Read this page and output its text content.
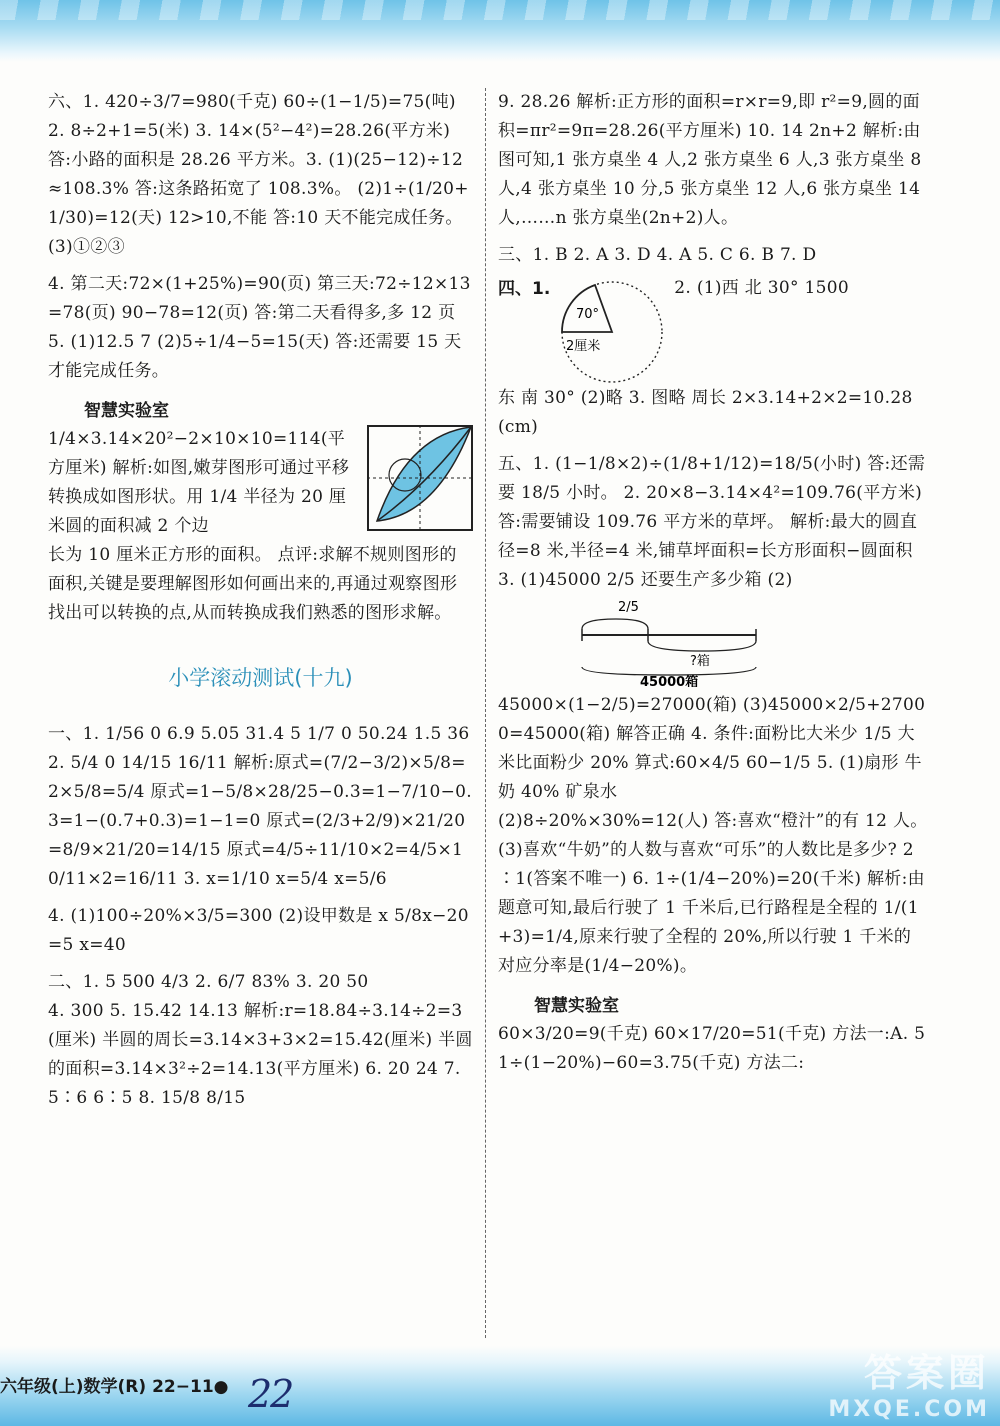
六、1. 420÷3/7=980(千克) 60÷(1−1/5)=75(吨) 2. 8÷2+1=5(米) 3. 14×(5²−4²)=28.26(平方米) 答:小路的面积是 28.26 平方米。3. (1)(25−12)÷12≈108.3% 答:这条路拓宽了 108.3%。 (2)1÷(1/20+1/30)=12(天) 12>10,不能 答:10 天不能完成任务。 (3)①②③

4. 第二天:72×(1+25%)=90(页) 第三天:72÷12×13=78(页) 90−78=12(页) 答:第二天看得多,多 12 页 5. (1)12.5 7 (2)5÷1/4−5=15(天) 答:还需要 15 天才能完成任务。

智慧实验室

1/4×3.14×20²−2×10×10=114(平方厘米) 解析:如图,嫩芽图形可通过平移转换成如图形状。用 1/4 半径为 20 厘米圆的面积减 2 个边

长为 10 厘米正方形的面积。 点评:求解不规则图形的面积,关键是要理解图形如何画出来的,再通过观察图形找出可以转换的点,从而转换成我们熟悉的图形求解。

小学滚动测试(十九)

一、1. 1/56 0 6.9 5.05 31.4 5 1/7 0 50.24 1.5 36 2. 5/4 0 14/15 16/11 解析:原式=(7/2−3/2)×5/8=2×5/8=5/4 原式=1−5/8×28/25−0.3=1−7/10−0.3=1−(0.7+0.3)=1−1=0 原式=(2/3+2/9)×21/20=8/9×21/20=14/15 原式=4/5÷11/10×2=4/5×10/11×2=16/11 3. x=1/10 x=5/4 x=5/6

4. (1)100÷20%×3/5=300 (2)设甲数是 x 5/8x−20=5 x=40

二、1. 5 500 4/3 2. 6/7 83% 3. 20 50

4. 300 5. 15.42 14.13 解析:r=18.84÷3.14÷2=3(厘米) 半圆的周长=3.14×3+3×2=15.42(厘米) 半圆的面积=3.14×3²÷2=14.13(平方厘米) 6. 20 24 7. 5∶6 6∶5 8. 15/8 8/15

9. 28.26 解析:正方形的面积=r×r=9,即 r²=9,圆的面积=πr²=9π=28.26(平方厘米) 10. 14 2n+2 解析:由图可知,1 张方桌坐 4 人,2 张方桌坐 6 人,3 张方桌坐 8 人,4 张方桌坐 10 分,5 张方桌坐 12 人,6 张方桌坐 14 人,……n 张方桌坐(2n+2)人。

三、1. B 2. A 3. D 4. A 5. C 6. B 7. D

四、1.
70°
2厘米

2. (1)西 北 30° 1500

东 南 30° (2)略 3. 图略 周长 2×3.14+2×2=10.28(cm)

五、1. (1−1/8×2)÷(1/8+1/12)=18/5(小时) 答:还需要 18/5 小时。 2. 20×8−3.14×4²=109.76(平方米) 答:需要铺设 109.76 平方米的草坪。 解析:最大的圆直径=8 米,半径=4 米,铺草坪面积=长方形面积−圆面积 3. (1)45000 2/5 还要生产多少箱 (2)

2/5
?箱
45000箱

45000×(1−2/5)=27000(箱) (3)45000×2/5+27000=45000(箱) 解答正确 4. 条件:面粉比大米少 1/5 大米比面粉少 20% 算式:60×4/5 60−1/5 5. (1)扇形 牛奶 40% 矿泉水

(2)8÷20%×30%=12(人) 答:喜欢“橙汁”的有 12 人。 (3)喜欢“牛奶”的人数与喜欢“可乐”的人数比是多少? 2∶1(答案不唯一) 6. 1÷(1/4−20%)=20(千米) 解析:由题意可知,最后行驶了 1 千米后,已行路程是全程的 1/(1+3)=1/4,原来行驶了全程的 20%,所以行驶 1 千米的对应分率是(1/4−20%)。

智慧实验室

60×3/20=9(千克) 60×17/20=51(千克) 方法一:A. 51÷(1−20%)−60=3.75(千克) 方法二:

六年级(上)数学(R) 22−11● 22	答案圈
MXQE.COM
